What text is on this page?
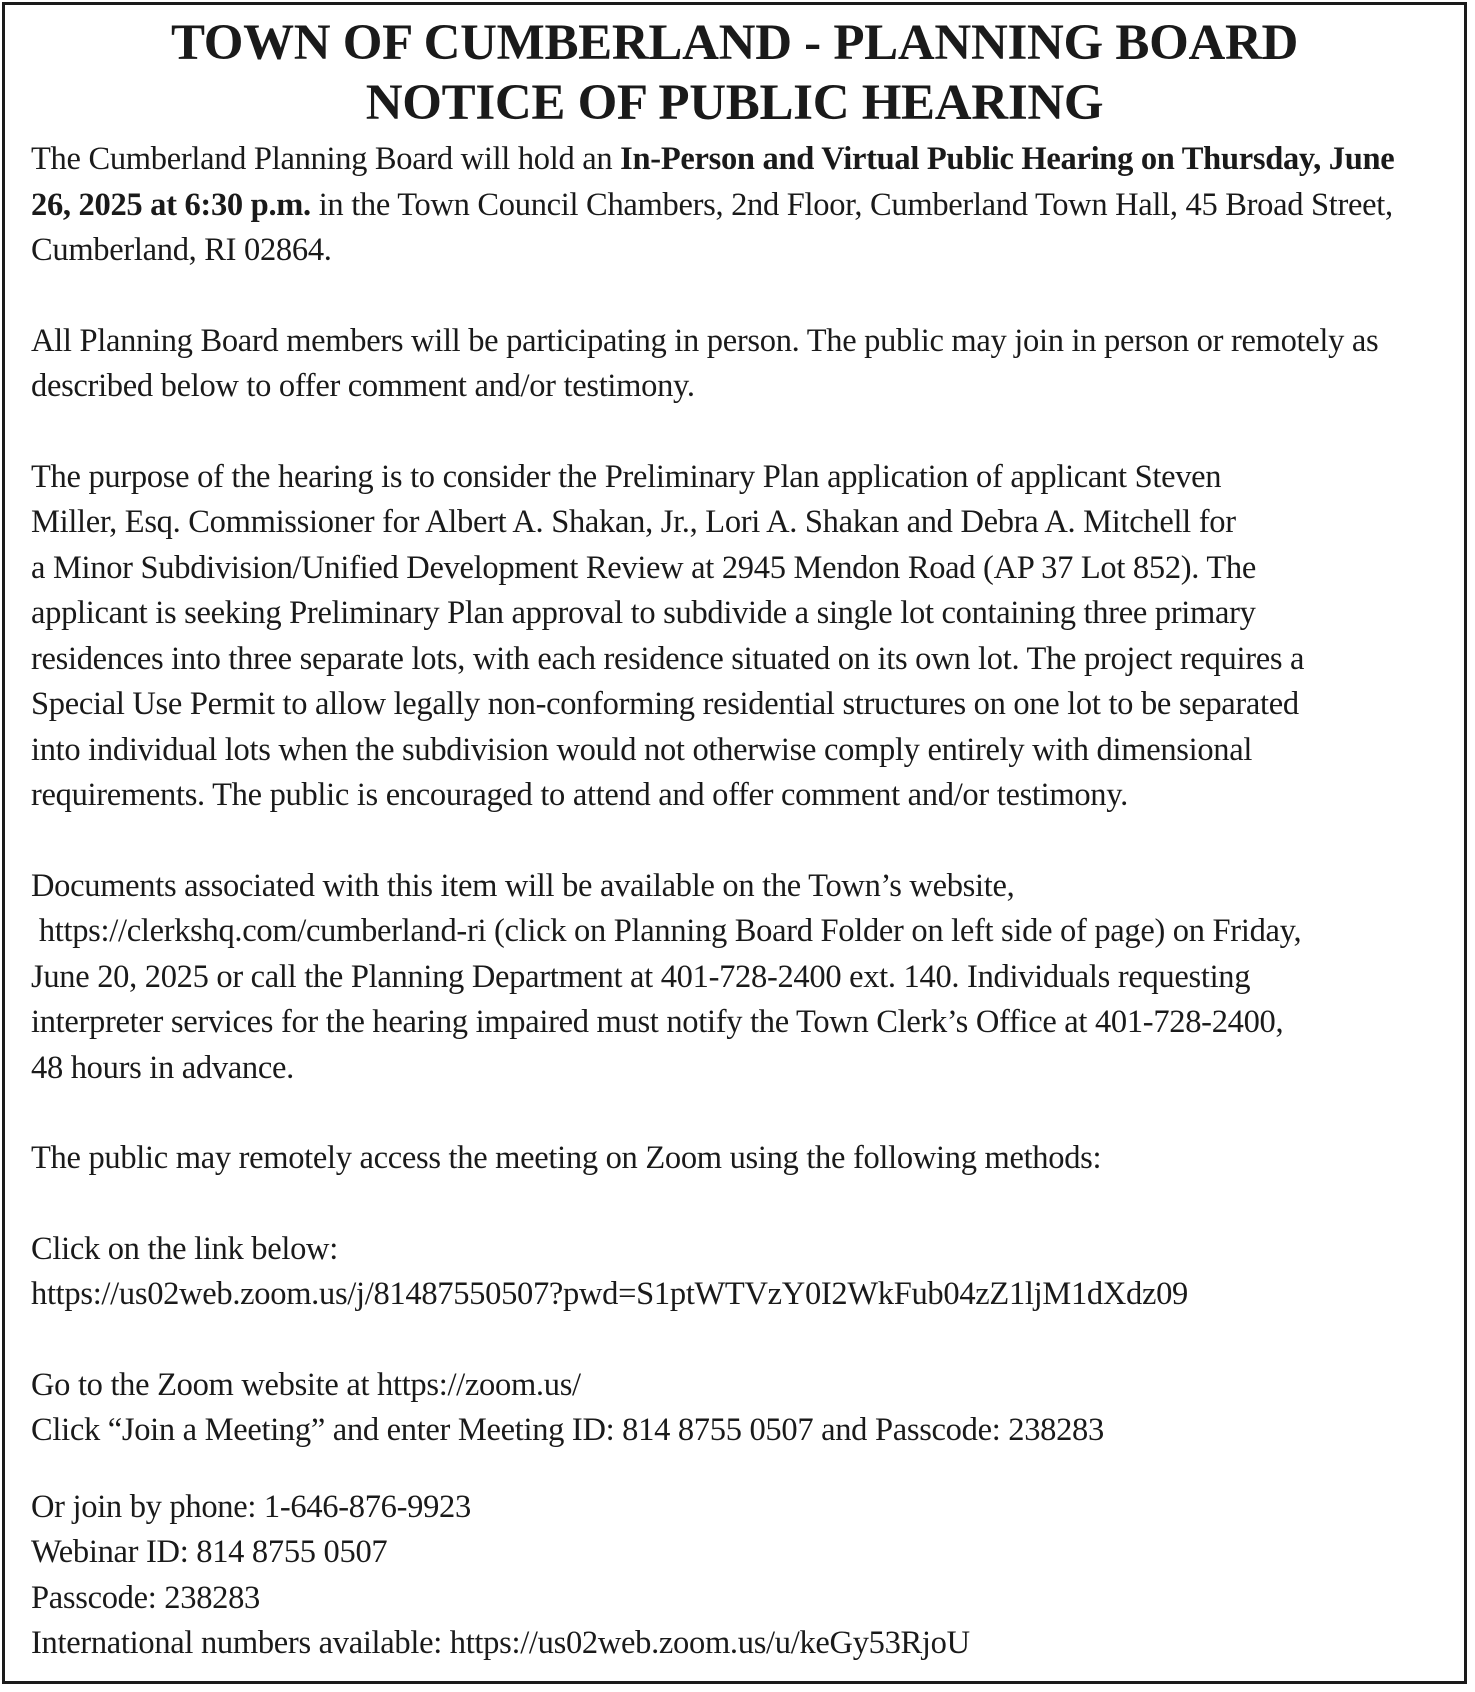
TOWN OF CUMBERLAND - PLANNING BOARD
NOTICE OF PUBLIC HEARING

The Cumberland Planning Board will hold an In-Person and Virtual Public Hearing on Thursday, June 26, 2025 at 6:30 p.m. in the Town Council Chambers, 2nd Floor, Cumberland Town Hall, 45 Broad Street, Cumberland, RI 02864.

All Planning Board members will be participating in person. The public may join in person or remotely as described below to offer comment and/or testimony.

The purpose of the hearing is to consider the Preliminary Plan application of applicant Steven

Miller, Esq. Commissioner for Albert A. Shakan, Jr., Lori A. Shakan and Debra A. Mitchell for

a Minor Subdivision/Unified Development Review at 2945 Mendon Road (AP 37 Lot 852). The

applicant is seeking Preliminary Plan approval to subdivide a single lot containing three primary

residences into three separate lots, with each residence situated on its own lot. The project requires a

Special Use Permit to allow legally non-conforming residential structures on one lot to be separated

into individual lots when the subdivision would not otherwise comply entirely with dimensional

requirements. The public is encouraged to attend and offer comment and/or testimony.

Documents associated with this item will be available on the Town’s website,

https://clerkshq.com/cumberland-ri (click on Planning Board Folder on left side of page) on Friday,

June 20, 2025 or call the Planning Department at 401-728-2400 ext. 140. Individuals requesting

interpreter services for the hearing impaired must notify the Town Clerk’s Office at 401-728-2400,

48 hours in advance.

The public may remotely access the meeting on Zoom using the following methods:

Click on the link below:

https://us02web.zoom.us/j/81487550507?pwd=S1ptWTVzY0I2WkFub04zZ1ljM1dXdz09

Go to the Zoom website at https://zoom.us/

Click “Join a Meeting” and enter Meeting ID: 814 8755 0507 and Passcode: 238283

Or join by phone: 1-646-876-9923

Webinar ID: 814 8755 0507

Passcode: 238283

International numbers available: https://us02web.zoom.us/u/keGy53RjoU
